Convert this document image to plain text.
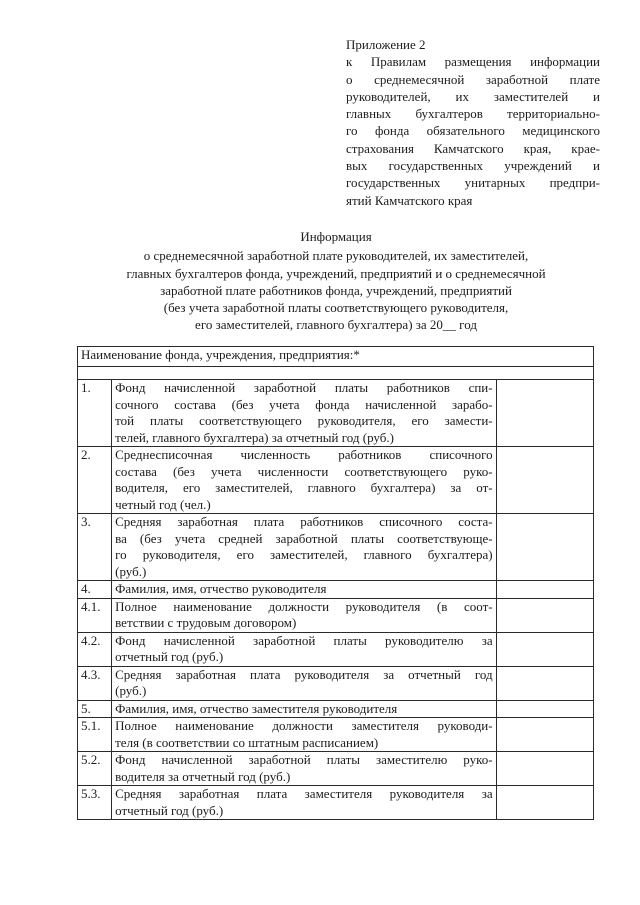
Приложение 2
к Правилам размещения информации
о среднемесячной заработной плате
руководителей, их заместителей и
главных бухгалтеров территориально-
го фонда обязательного медицинского
страхования Камчатского края, крае-
вых государственных учреждений и
государственных унитарных предпри-
ятий Камчатского края
Информация
о среднемесячной заработной плате руководителей, их заместителей,
главных бухгалтеров фонда, учреждений, предприятий и о среднемесячной
заработной плате работников фонда, учреждений, предприятий
(без учета заработной платы соответствующего руководителя,
его заместителей, главного бухгалтера) за 20__ год
Наименование фонда, учреждения, предприятия:*		

1.	Фонд начисленной заработной платы работников спи-
сочного состава (без учета фонда начисленной зарабо-
той платы соответствующего руководителя, его замести-
телей, главного бухгалтера) за отчетный год (руб.)	

2.	Среднесписочная численность работников списочного
состава (без учета численности соответствующего руко-
водителя, его заместителей, главного бухгалтера) за от-
четный год (чел.)	

3.	Средняя заработная плата работников списочного соста-
ва (без учета средней заработной платы соответствующе-
го руководителя, его заместителей, главного бухгалтера)
(руб.)	

4.	Фамилия, имя, отчество руководителя	

4.1.	Полное наименование должности руководителя (в соот-
ветствии с трудовым договором)	

4.2.	Фонд начисленной заработной платы руководителю за
отчетный год (руб.)	

4.3.	Средняя заработная плата руководителя за отчетный год
(руб.)	

5.	Фамилия, имя, отчество заместителя руководителя	

5.1.	Полное наименование должности заместителя руководи-
теля (в соответствии со штатным расписанием)	

5.2.	Фонд начисленной заработной платы заместителю руко-
водителя за отчетный год (руб.)	

5.3.	Средняя заработная плата заместителя руководителя за
отчетный год (руб.)	
